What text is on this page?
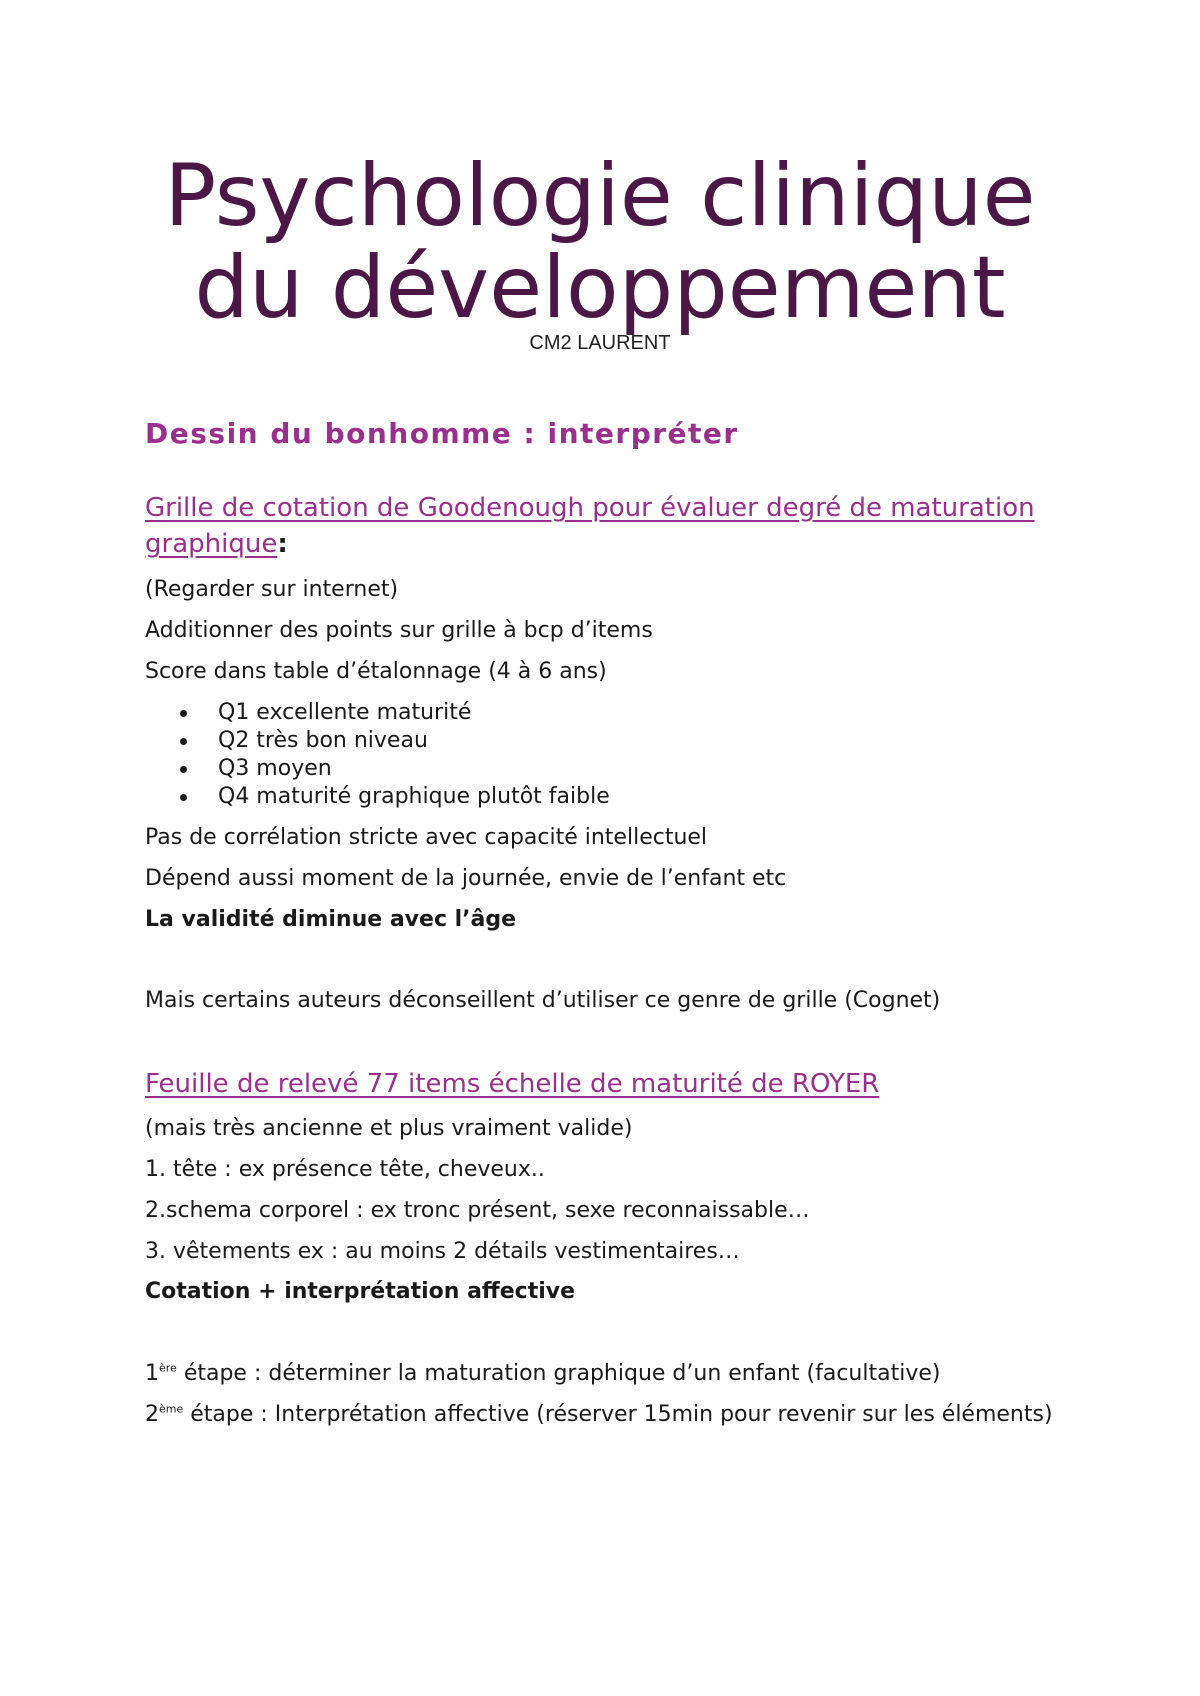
Psychologie clinique
du développement
CM2 LAURENT
Dessin du bonhomme : interpréter
Grille de cotation de Goodenough pour évaluer degré de maturation graphique:
(Regarder sur internet)
Additionner des points sur grille à bcp d’items
Score dans table d’étalonnage (4 à 6 ans)
Q1 excellente maturité
Q2 très bon niveau
Q3 moyen
Q4 maturité graphique plutôt faible
Pas de corrélation stricte avec capacité intellectuel
Dépend aussi moment de la journée, envie de l’enfant etc
La validité diminue avec l’âge
Mais certains auteurs déconseillent d’utiliser ce genre de grille (Cognet)
Feuille de relevé 77 items échelle de maturité de ROYER
(mais très ancienne et plus vraiment valide)
1. tête : ex présence tête, cheveux..
2.schema corporel : ex tronc présent, sexe reconnaissable…
3. vêtements ex : au moins 2 détails vestimentaires…
Cotation + interprétation affective
1ère étape : déterminer la maturation graphique d’un enfant (facultative)
2ème étape : Interprétation affective (réserver 15min pour revenir sur les éléments)
